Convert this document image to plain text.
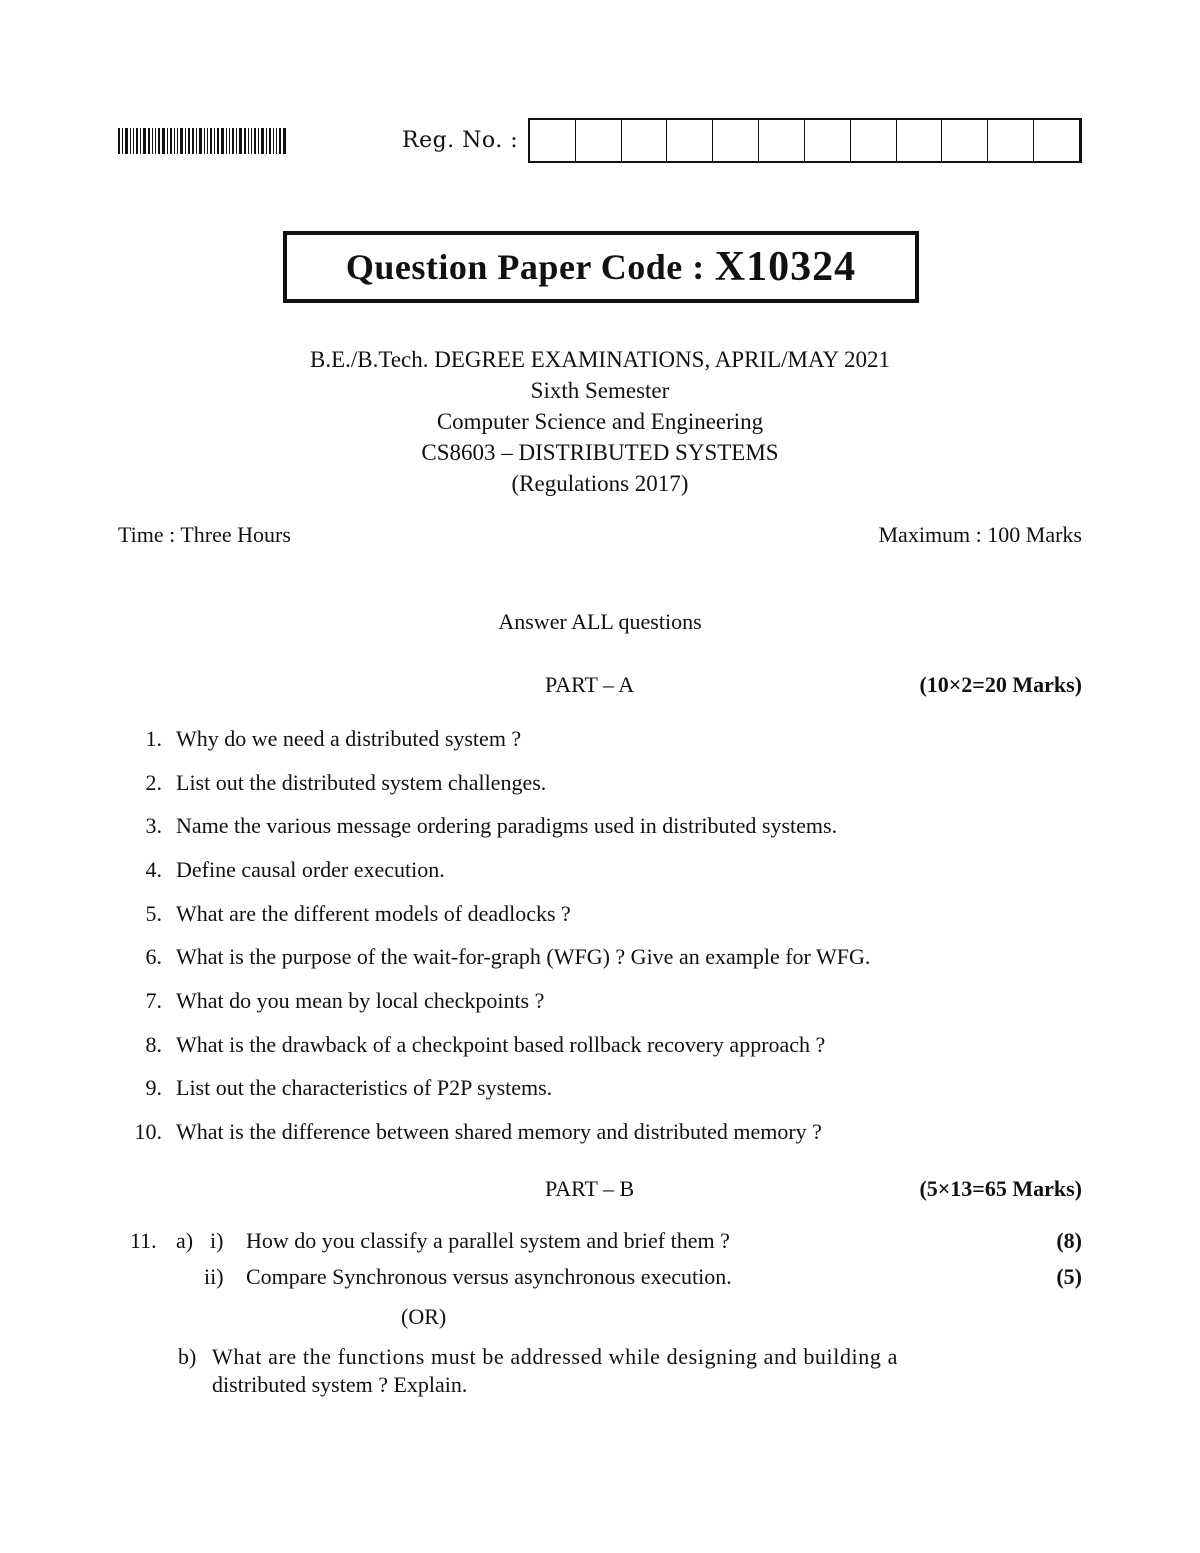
Reg. No. :
Question Paper Code : X10324
B.E./B.Tech. DEGREE EXAMINATIONS, APRIL/MAY 2021
Sixth Semester
Computer Science and Engineering
CS8603 – DISTRIBUTED SYSTEMS
(Regulations 2017)
Time : Three Hours	Maximum : 100 Marks
Answer ALL questions
PART – A	(10×2=20 Marks)
1. Why do we need a distributed system ?
2. List out the distributed system challenges.
3. Name the various message ordering paradigms used in distributed systems.
4. Define causal order execution.
5. What are the different models of deadlocks ?
6. What is the purpose of the wait-for-graph (WFG) ? Give an example for WFG.
7. What do you mean by local checkpoints ?
8. What is the drawback of a checkpoint based rollback recovery approach ?
9. List out the characteristics of P2P systems.
10. What is the difference between shared memory and distributed memory ?
PART – B	(5×13=65 Marks)
11. a) i) How do you classify a parallel system and brief them ?	(8)
ii) Compare Synchronous versus asynchronous execution.	(5)
(OR)
b) What are the functions must be addressed while designing and building a
distributed system ? Explain.
